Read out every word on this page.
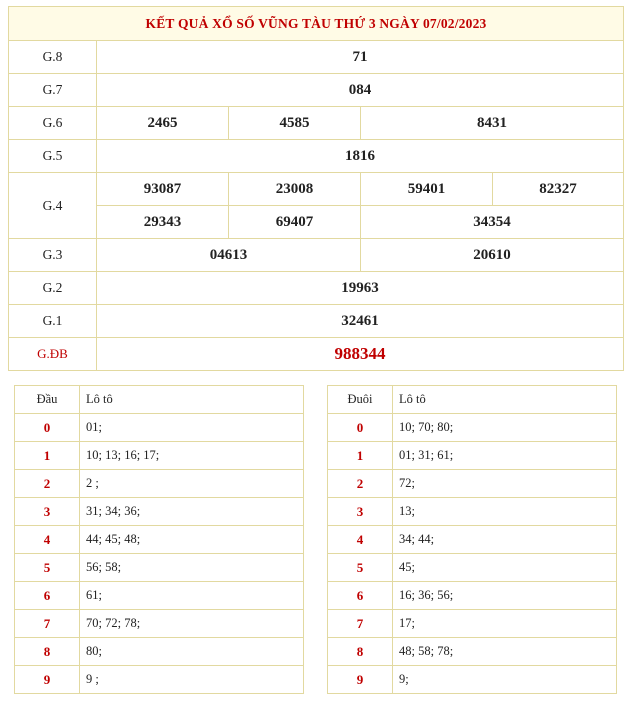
KẾT QUẢ XỔ SỐ VŨNG TÀU THỨ 3 NGÀY 07/02/2023				
G.8	71			
G.7	084			
G.6	2465	4585	8431	
G.5	1816			
G.4	93087	23008	59401	82327
	29343	69407	34354	
G.3	04613		20610	
G.2	19963			
G.1	32461			
G.ĐB	988344			
Đầu	Lô tô
0	01;
1	10; 13; 16; 17;
2	2 ;
3	31; 34; 36;
4	44; 45; 48;
5	56; 58;
6	61;
7	70; 72; 78;
8	80;
9	9 ;
Đuôi	Lô tô
0	10; 70; 80;
1	01; 31; 61;
2	72;
3	13;
4	34; 44;
5	45;
6	16; 36; 56;
7	17;
8	48; 58; 78;
9	9;
